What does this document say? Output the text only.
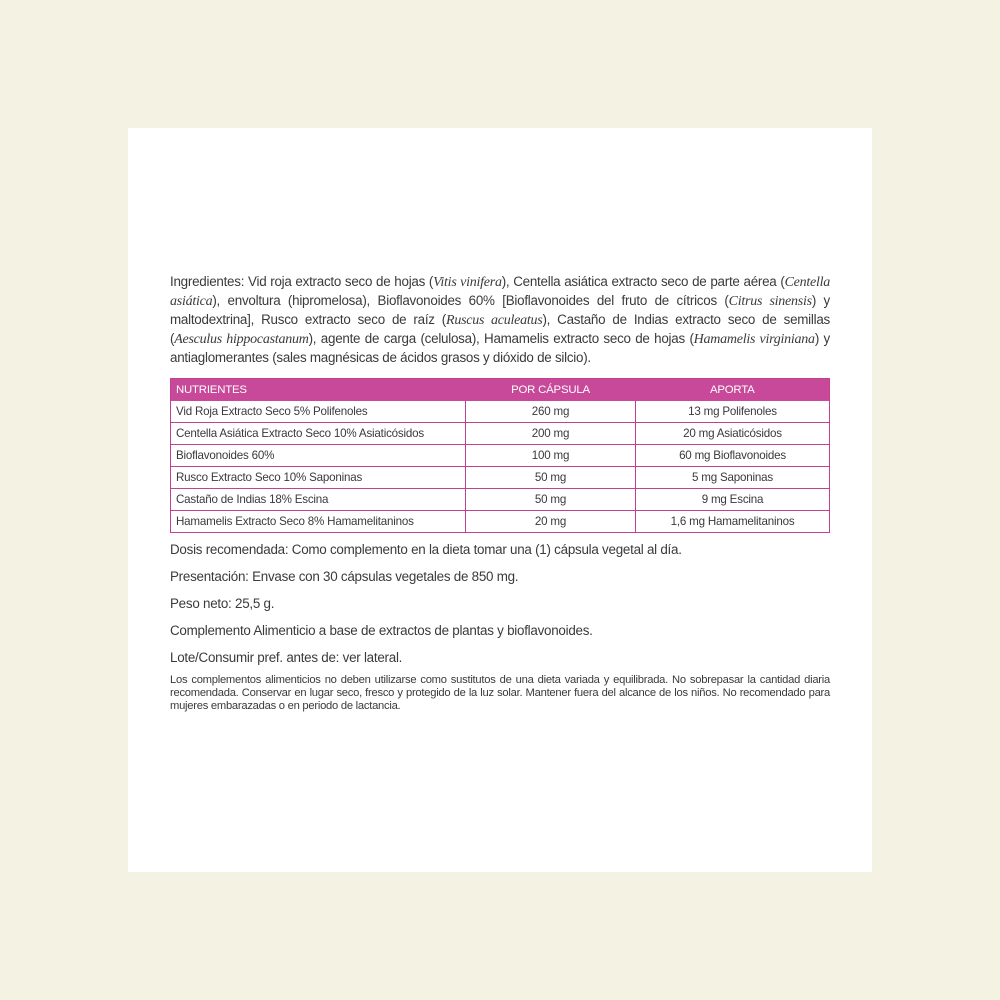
Ingredientes: Vid roja extracto seco de hojas (Vitis vinifera), Centella asiática extracto seco de parte aérea (Centella asiática), envoltura (hipromelosa), Bioflavonoides 60% [Bioflavonoides del fruto de cítricos (Citrus sinensis) y maltodextrina], Rusco extracto seco de raíz (Ruscus aculeatus), Castaño de Indias extracto seco de semillas (Aesculus hippocastanum), agente de carga (celulosa), Hamamelis extracto seco de hojas (Hamamelis virginiana) y antiaglomerantes (sales magnésicas de ácidos grasos y dióxido de silcio).

NUTRIENTES	POR CÁPSULA	APORTA
Vid Roja Extracto Seco 5% Polifenoles	260 mg	13 mg Polifenoles
Centella Asiática Extracto Seco 10% Asiaticósidos	200 mg	20 mg Asiaticósidos
Bioflavonoides 60%	100 mg	60 mg Bioflavonoides
Rusco Extracto Seco 10% Saponinas	50 mg	5 mg Saponinas
Castaño de Indias 18% Escina	50 mg	9 mg Escina
Hamamelis Extracto Seco 8% Hamamelitaninos	20 mg	1,6 mg Hamamelitaninos

Dosis recomendada: Como complemento en la dieta tomar una (1) cápsula vegetal al día.

Presentación: Envase con 30 cápsulas vegetales de 850 mg.

Peso neto: 25,5 g.

Complemento Alimenticio a base de extractos de plantas y bioflavonoides.

Lote/Consumir pref. antes de: ver lateral.

Los complementos alimenticios no deben utilizarse como sustitutos de una dieta variada y equilibrada. No sobrepasar la cantidad diaria recomendada. Conservar en lugar seco, fresco y protegido de la luz solar. Mantener fuera del alcance de los niños. No recomendado para mujeres embarazadas o en periodo de lactancia.
